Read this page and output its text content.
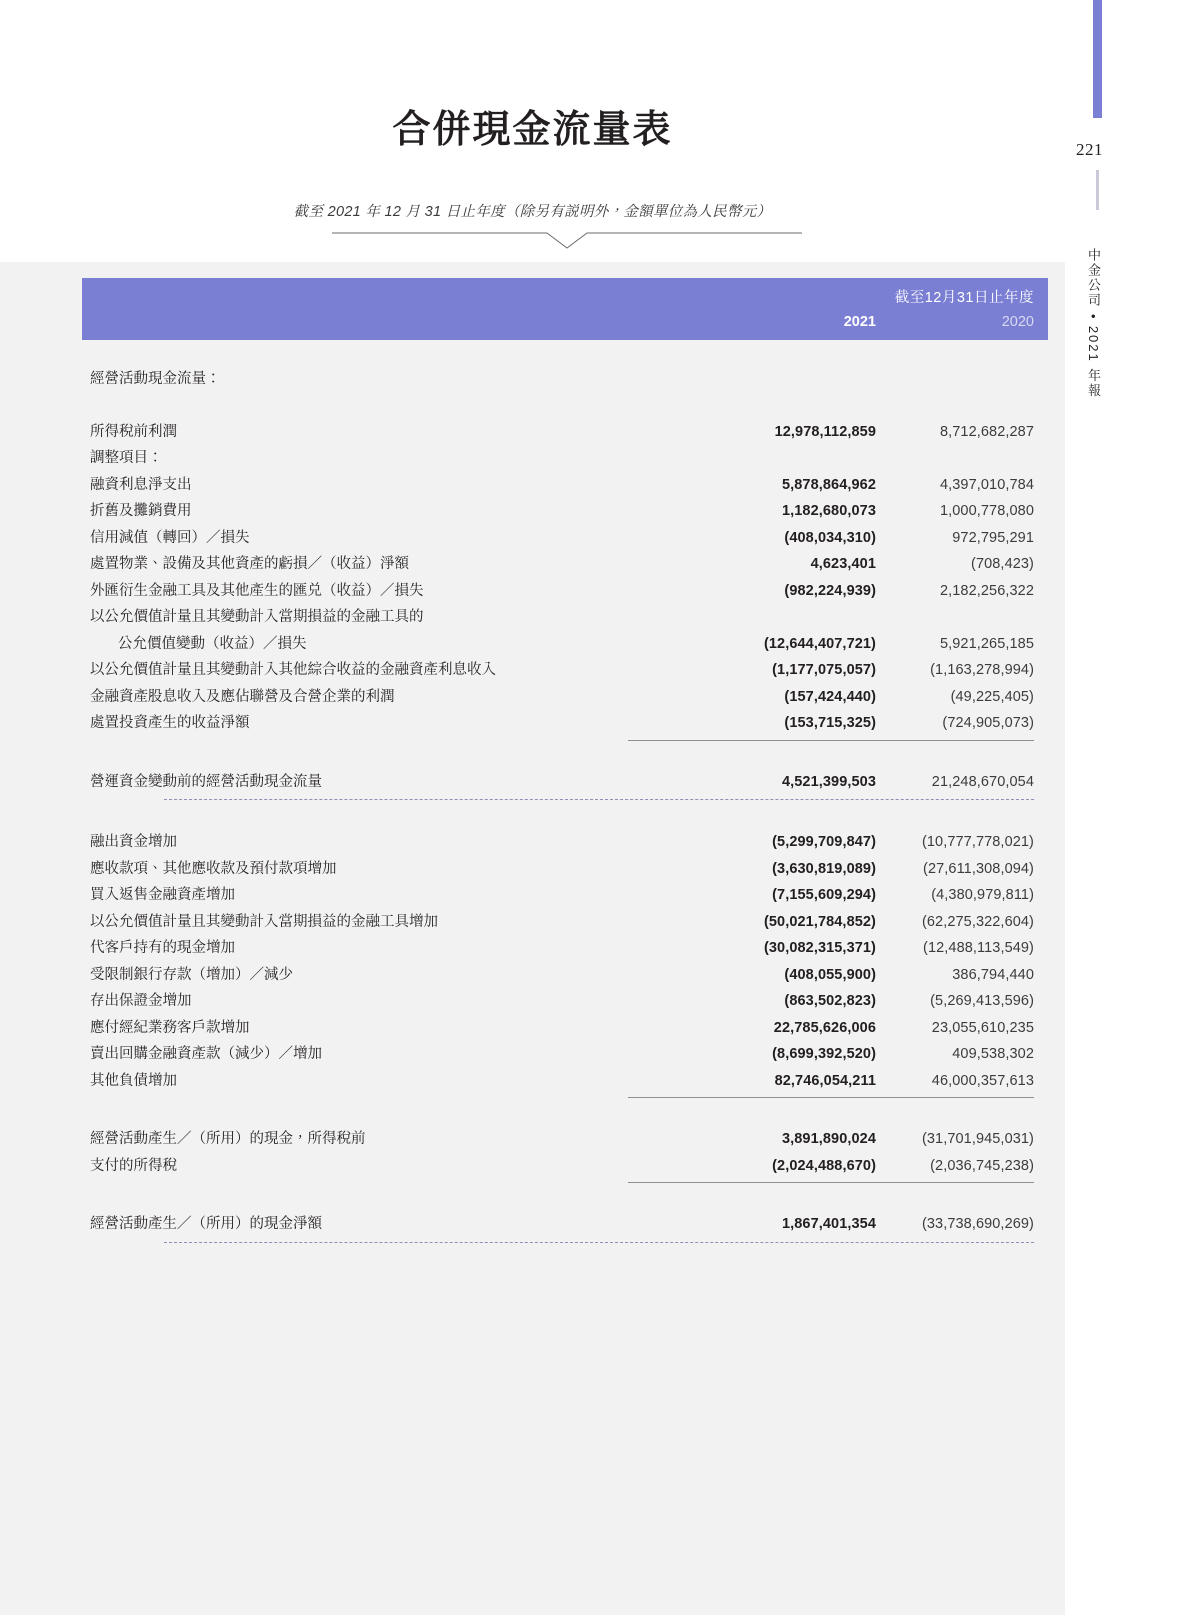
221
中金公司 • 2021 年報
合併現金流量表
截至 2021 年 12 月 31 日止年度（除另有説明外，金額單位為人民幣元）
截至12月31日止年度
2021	2020
經營活動現金流量：
所得稅前利潤	12,978,112,859	8,712,682,287
調整項目：
融資利息淨支出	5,878,864,962	4,397,010,784
折舊及攤銷費用	1,182,680,073	1,000,778,080
信用減值（轉回）／損失	(408,034,310)	972,795,291
處置物業、設備及其他資產的虧損／（收益）淨額	4,623,401	(708,423)
外匯衍生金融工具及其他產生的匯兑（收益）／損失	(982,224,939)	2,182,256,322
以公允價值計量且其變動計入當期損益的金融工具的
公允價值變動（收益）／損失	(12,644,407,721)	5,921,265,185
以公允價值計量且其變動計入其他綜合收益的金融資產利息收入	(1,177,075,057)	(1,163,278,994)
金融資產股息收入及應佔聯營及合營企業的利潤	(157,424,440)	(49,225,405)
處置投資產生的收益淨額	(153,715,325)	(724,905,073)
營運資金變動前的經營活動現金流量	4,521,399,503	21,248,670,054
融出資金增加	(5,299,709,847)	(10,777,778,021)
應收款項、其他應收款及預付款項增加	(3,630,819,089)	(27,611,308,094)
買入返售金融資產增加	(7,155,609,294)	(4,380,979,811)
以公允價值計量且其變動計入當期損益的金融工具增加	(50,021,784,852)	(62,275,322,604)
代客戶持有的現金增加	(30,082,315,371)	(12,488,113,549)
受限制銀行存款（增加）／減少	(408,055,900)	386,794,440
存出保證金增加	(863,502,823)	(5,269,413,596)
應付經紀業務客戶款增加	22,785,626,006	23,055,610,235
賣出回購金融資產款（減少）／增加	(8,699,392,520)	409,538,302
其他負債增加	82,746,054,211	46,000,357,613
經營活動產生／（所用）的現金，所得稅前	3,891,890,024	(31,701,945,031)
支付的所得稅	(2,024,488,670)	(2,036,745,238)
經營活動產生／（所用）的現金淨額	1,867,401,354	(33,738,690,269)
